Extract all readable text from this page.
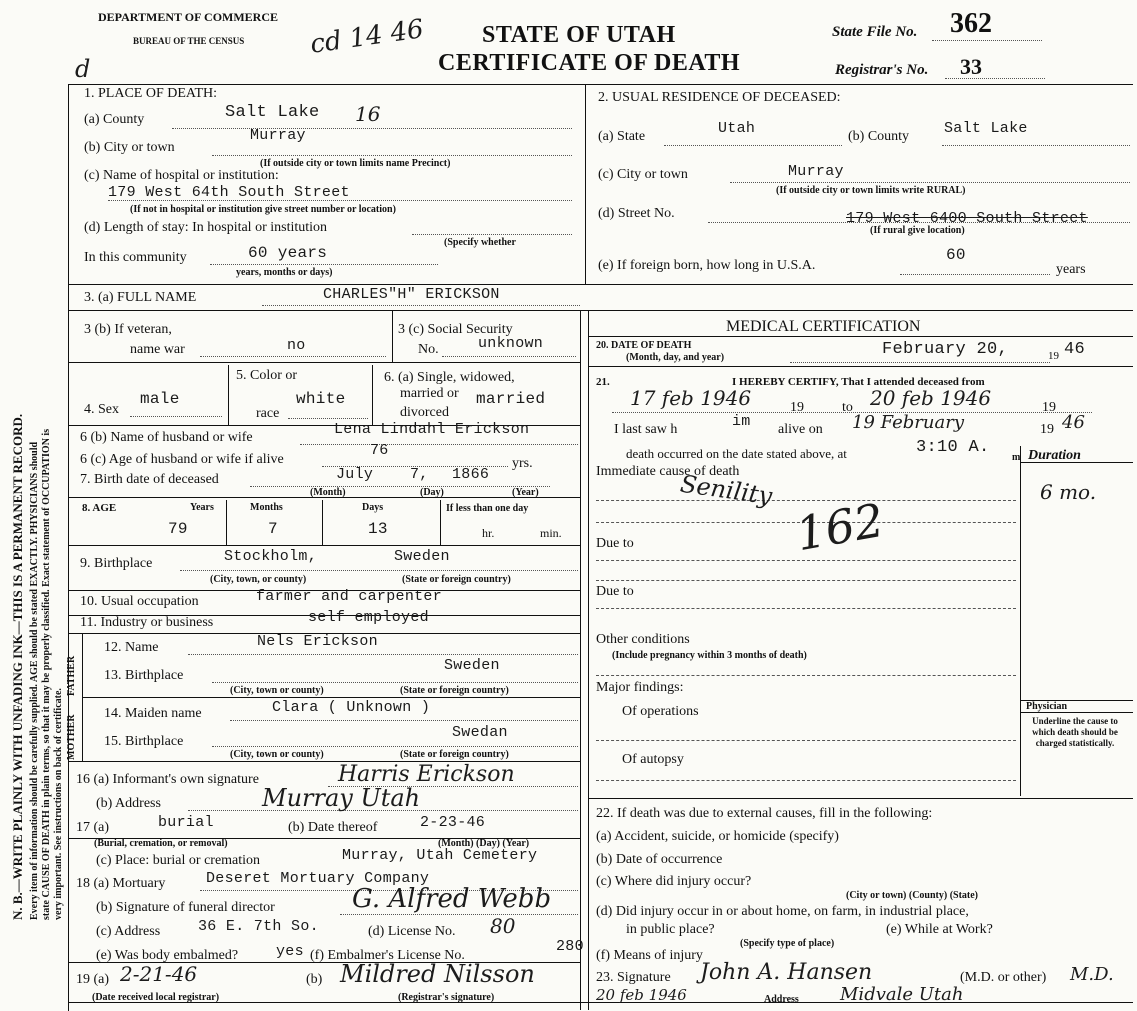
N. B.—WRITE PLAINLY WITH UNFADING INK—THIS IS A PERMANENT RECORD. Every item of information should be carefully supplied. AGE should be stated EXACTLY. PHYSICIANS should state CAUSE OF DEATH in plain terms, so that it may be properly classified. Exact statement of OCCUPATION is very important. See instructions on back of certificate.
DEPARTMENT OF COMMERCE
BUREAU OF THE CENSUS
d
cd 14 46 STATE OF UTAH
CERTIFICATE OF DEATH
State File No. 362
Registrar's No. 33
1. PLACE OF DEATH:
(a) County	Salt Lake 16
(b) City or town
Murray
(If outside city or town limits name Precinct)
(c) Name of hospital or institution:
179 West 64th South Street
(If not in hospital or institution give street number or location)
(d) Length of stay: In hospital or institution
(Specify whether
In this community	60 years
years, months or days)
2. USUAL RESIDENCE OF DECEASED:
(a) State	Utah	(b) County Salt Lake
(c) City or town	Murray
(If outside city or town limits write RURAL)
(d) Street No.	179 West 6400 South Street
(If rural give location)
(e) If foreign born, how long in U.S.A.
60
years
3. (a) FULL NAME	CHARLES"H" ERICKSON
3 (b) If veteran,
name war	no
3 (c) Social Security
No.	unknown
4. Sex
male
5. Color or
race
white
6. (a) Single, widowed,
married or
divorced
married
6 (b) Name of husband or wife	Lena Lindahl Erickson
6 (c) Age of husband or wife if alive
76
yrs.
7. Birth date of deceased	July 7, 1866
(Month)	(Day)	(Year)
8. AGE	Years	Months	Days	If less than one day
79	7	13	hr.	min.
9. Birthplace	Stockholm,	Sweden
(City, town, or county)	(State or foreign country)
10. Usual occupation	farmer and carpenter
11. Industry or business	self employed
FATHER
MOTHER
12. Name	Nels Erickson
13. Birthplace
Sweden
(City, town or county)	(State or foreign country)
14. Maiden name	Clara ( Unknown )
15. Birthplace
Swedan
(City, town or county)	(State or foreign country)
16 (a) Informant's own signature	Harris Erickson
(b) Address	Murray Utah
17 (a)	burial
(Burial, cremation, or removal)
(b) Date thereof	2-23-46
(Month) (Day) (Year)
(c) Place: burial or cremation	Murray, Utah Cemetery
18 (a) Mortuary	Deseret Mortuary Company
(b) Signature of funeral director	G. Alfred Webb
(c) Address	36 E. 7th So.	(d) License No. 80
(e) Was body embalmed?	yes (f) Embalmer's License No.
280
19 (a) 2-21-46
(Date received local registrar)
(b) Mildred Nilsson
(Registrar's signature)
MEDICAL CERTIFICATION
20. DATE OF DEATH
(Month, day, and year)	February 20,	19 46
21.	I HEREBY CERTIFY, That I attended deceased from
17 feb 1946	19	to 20 feb 1946	19
I last saw h	im alive on 19 February	19 46
death occurred on the date stated above, at	3:10 A.
m Duration
Immediate cause of death
Senility	6 mo.
162
Due to
Due to
Other conditions
(Include pregnancy within 3 months of death)
Major findings:
Of operations
Of autopsy
Physician
Underline the cause to which death should be charged statistically.
22. If death was due to external causes, fill in the following:
(a) Accident, suicide, or homicide (specify)
(b) Date of occurrence
(c) Where did injury occur?
(City or town) (County) (State)
(d) Did injury occur in or about home, on farm, in industrial place,
in public place?	(e) While at Work?
(Specify type of place)
(f) Means of injury
23. Signature John A. Hansen	(M.D. or other) M.D.
20 feb 1946	Address Midvale Utah
